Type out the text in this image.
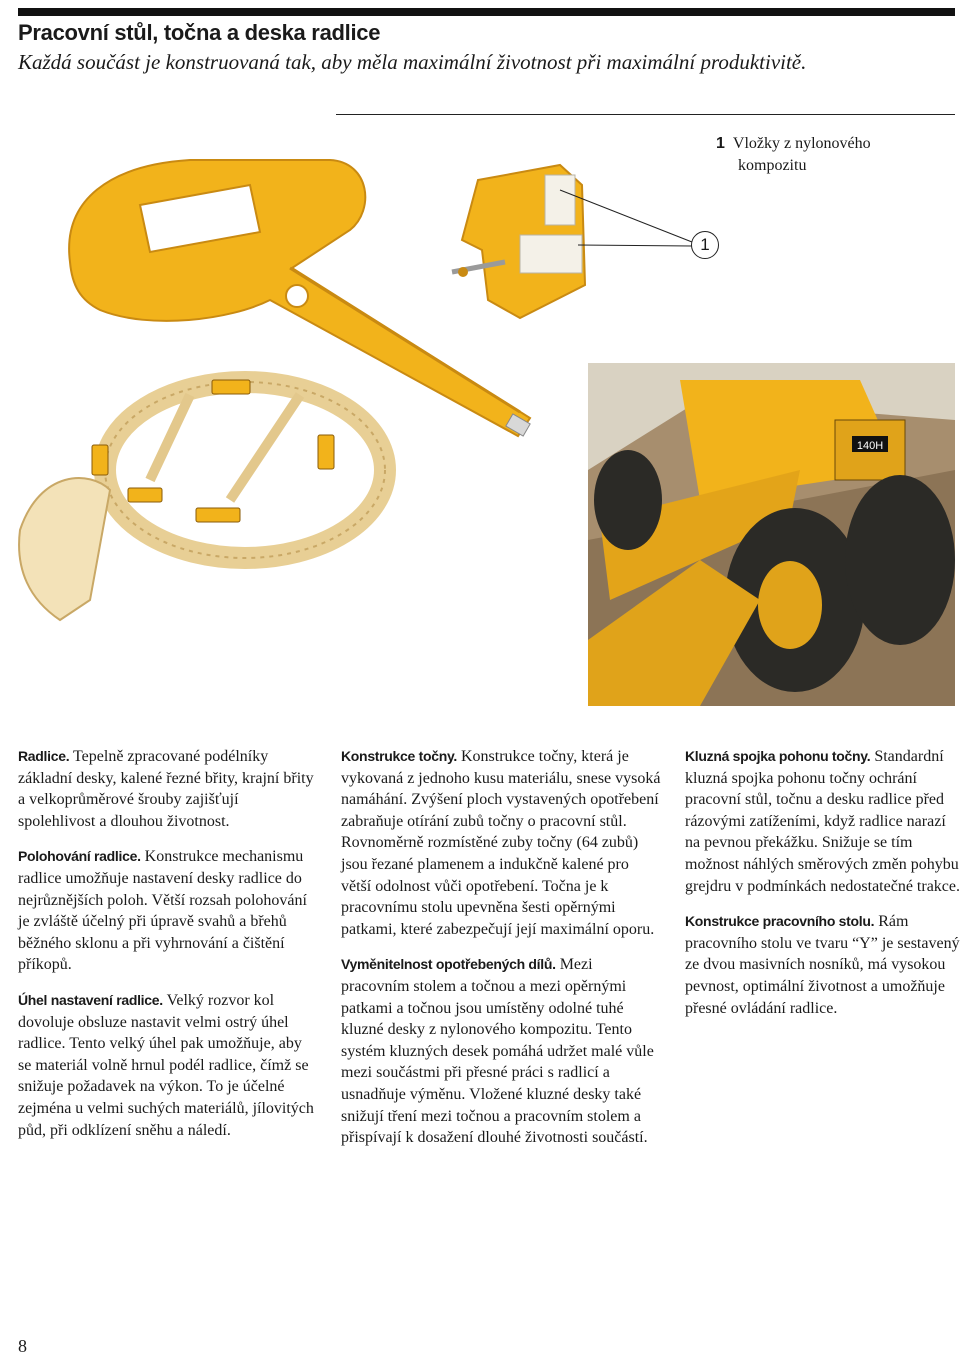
Pracovní stůl, točna a deska radlice
Každá součást je konstruovaná tak, aby měla maximální životnost při maximální produktivitě.
140H
1 Vložky z nylonového
kompozitu
1

Radlice. Tepelně zpracované podélníky základní desky, kalené řezné břity, krajní břity a velkoprůměrové šrouby zajišťují spolehlivost a dlouhou životnost.

Polohování radlice. Konstrukce mechanismu radlice umožňuje nastavení desky radlice do nejrůznějších poloh. Větší rozsah polohování je zvláště účelný při úpravě svahů a břehů běžného sklonu a při vyhrnování a čištění příkopů.

Úhel nastavení radlice. Velký rozvor kol dovoluje obsluze nastavit velmi ostrý úhel radlice. Tento velký úhel pak umožňuje, aby se materiál volně hrnul podél radlice, čímž se snižuje požadavek na výkon. To je účelné zejména u velmi suchých materiálů, jílovitých půd, při odklízení sněhu a náledí.

Konstrukce točny. Konstrukce točny, která je vykovaná z jednoho kusu materiálu, snese vysoká namáhání. Zvýšení ploch vystavených opotřebení zabraňuje otírání zubů točny o pracovní stůl. Rovnoměrně rozmístěné zuby točny (64 zubů) jsou řezané plamenem a indukčně kalené pro větší odolnost vůči opotřebení. Točna je k pracovnímu stolu upevněna šesti opěrnými patkami, které zabezpečují její maximální oporu.

Vyměnitelnost opotřebených dílů. Mezi pracovním stolem a točnou a mezi opěrnými patkami a točnou jsou umístěny odolné tuhé kluzné desky z nylonového kompozitu. Tento systém kluzných desek pomáhá udržet malé vůle mezi součástmi při přesné práci s radlicí a usnadňuje výměnu. Vložené kluzné desky také snižují tření mezi točnou a pracovním stolem a přispívají k dosažení dlouhé životnosti součástí.

Kluzná spojka pohonu točny. Standardní kluzná spojka pohonu točny ochrání pracovní stůl, točnu a desku radlice před rázovými zatíženími, když radlice narazí na pevnou překážku. Snižuje se tím možnost náhlých směrových změn pohybu grejdru v podmínkách nedostatečné trakce.

Konstrukce pracovního stolu. Rám pracovního stolu ve tvaru “Y” je sestavený ze dvou masivních nosníků, má vysokou pevnost, optimální životnost a umožňuje přesné ovládání radlice.

8
